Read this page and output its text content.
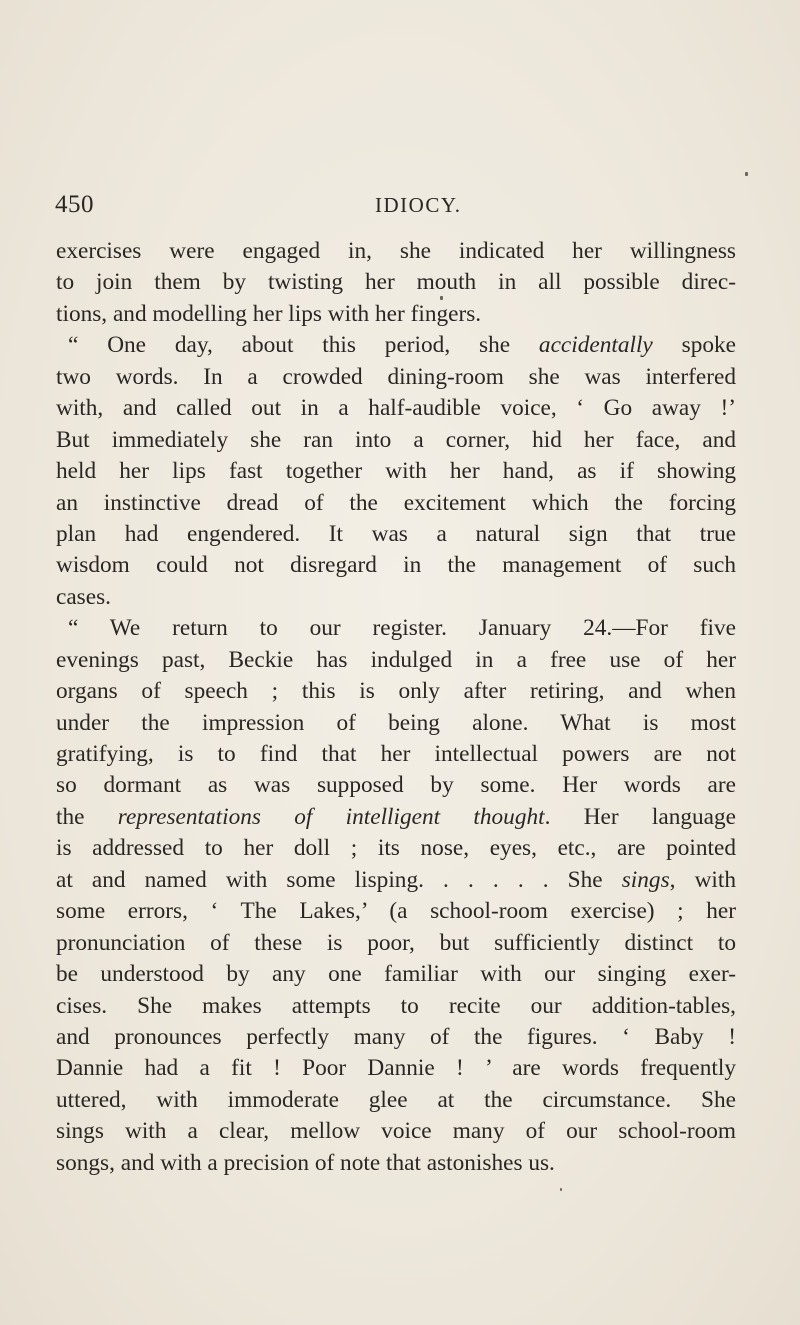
450	IDIOCY.
exercises were engaged in, she indicated her willingness
to join them by twisting her mouth in all possible direc-
tions, and modelling her lips with her fingers.
“ One day, about this period, she accidentally spoke
two words. In a crowded dining-room she was interfered
with, and called out in a half-audible voice, ‘ Go away !’
But immediately she ran into a corner, hid her face, and
held her lips fast together with her hand, as if showing
an instinctive dread of the excitement which the forcing
plan had engendered. It was a natural sign that true
wisdom could not disregard in the management of such
cases.
“ We return to our register. January 24.—For five
evenings past, Beckie has indulged in a free use of her
organs of speech ; this is only after retiring, and when
under the impression of being alone. What is most
gratifying, is to find that her intellectual powers are not
so dormant as was supposed by some. Her words are
the representations of intelligent thought. Her language
is addressed to her doll ; its nose, eyes, etc., are pointed
at and named with some lisping. . . . . . She sings, with
some errors, ‘ The Lakes,’ (a school-room exercise) ; her
pronunciation of these is poor, but sufficiently distinct to
be understood by any one familiar with our singing exer-
cises. She makes attempts to recite our addition-tables,
and pronounces perfectly many of the figures. ‘ Baby !
Dannie had a fit ! Poor Dannie ! ’ are words frequently
uttered, with immoderate glee at the circumstance. She
sings with a clear, mellow voice many of our school-room
songs, and with a precision of note that astonishes us.
